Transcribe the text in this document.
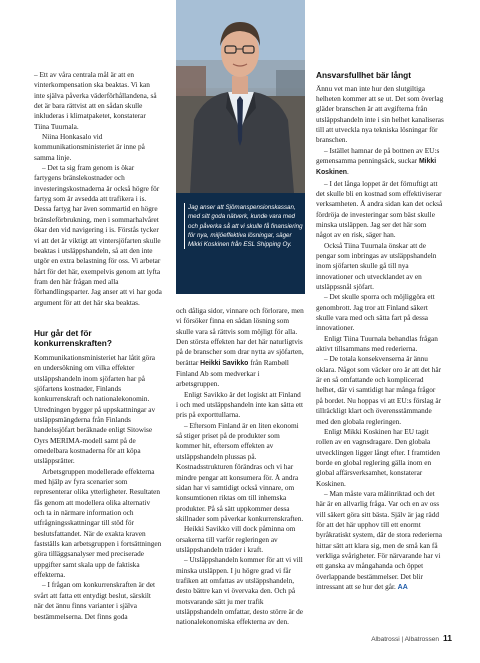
Jag anser att Sjömanspensionskassan, med sitt goda nätverk, kunde vara med och påverka så att vi skulle få finansiering för nya, miljöeffektiva lösningar, säger Mikki Koskinen från ESL Shipping Oy.

– Ett av våra centrala mål är att en vinterkompensation ska beaktas. Vi kan inte själva påverka väderförhållandena, så det är bara rättvist att en sådan skulle inkluderas i klimatpaketet, konstaterar Tiina Tuurnala.

Niina Honkasalo vid kommunikationsministeriet är inne på samma linje.

– Det ta sig fram genom is ökar fartygens bränslekostnader och investeringskostnaderna är också högre för fartyg som är avsedda att trafikera i is. Dessa fartyg har även sommartid en högre bränsleförbrukning, men i sommarhalvåret ökar den vid navigering i is. Förstås tycker vi att det är viktigt att vintersjöfarten skulle beaktas i utsläppshandeln, så att den inte utgör en extra belastning för oss. Vi arbetar hårt för det här, exempelvis genom att lyfta fram den här frågan med alla förhandlingsparter. Jag anser att vi har goda argument för att det här ska beaktas.

Hur går det för konkurrenskraften?

Kommunikationsministeriet har låtit göra en undersökning om vilka effekter utsläppshandeln inom sjöfarten har på sjöfartens kostnader, Finlands konkurrenskraft och nationalekonomin. Utredningen bygger på uppskattningar av utsläppsmängderna från Finlands handelssjöfart beräknade enligt Sitowise Oyrs MERIMA-modell samt på de omedelbara kostnaderna för att köpa utsläppsrätter.

Arbetsgruppen modellerade effekterna med hjälp av fyra scenarier som representerar olika ytterligheter. Resultaten fås genom att modellera olika alternativ och ta in närmare information och utfrågningsskattningar till stöd för beslutsfattandet. När de exakta kraven fastställs kan arbetsgruppen i fortsättningen göra tilläggsanalyser med preciserade uppgifter samt skala upp de faktiska effekterna.

– I frågan om konkurrenskraften är det svårt att fatta ett entydigt beslut, särskilt när det ännu finns varianter i själva bestämmelserna. Det finns goda

och dåliga sidor, vinnare och förlorare, men vi försöker finna en sådan lösning som skulle vara så rättvis som möjligt för alla. Den största effekten har det här naturligtvis på de branscher som drar nytta av sjöfarten, berättar Heikki Savikko från Rambøll Finland Ab som medverkar i arbetsgruppen.

Enligt Savikko är det logiskt att Finland i och med utsläppshandeln inte kan sätta ett pris på exporttullarna.

– Eftersom Finland är en liten ekonomi så stiger priset på de produkter som kommer hit, eftersom effekten av utsläppshandeln plussas på. Kostnadsstrukturen förändras och vi har mindre pengar att konsumera för. Å andra sidan har vi samtidigt också vinnare, om konsumtionen riktas om till inhemska produkter. På så sätt uppkommer dessa skillnader som påverkar konkurrenskraften.

Heikki Savikko vill dock påminna om orsakerna till varför regleringen av utsläppshandeln träder i kraft.

– Utsläppshandeln kommer för att vi vill minska utsläppen. I ju högre grad vi får trafiken att omfattas av utsläppshandeln, desto bättre kan vi övervaka den. Och på motsvarande sätt ju mer trafik utsläppshandeln omfattar, desto större är de nationalekonomiska effekterna av den.

Ansvarsfullhet bär långt

Ännu vet man inte hur den slutgiltiga helheten kommer att se ut. Det som överlag gläder branschen är att avgifterna från utsläppshandeln inte i sin helhet kanaliseras till att utveckla nya tekniska lösningar för branschen.

– Istället hamnar de på bottnen av EU:s gemensamma penningsäck, suckar Mikki Koskinen.

– I det långa loppet är det förnuftigt att det skulle bli en kostnad som effektiviserar verksamheten. Å andra sidan kan det också fördröja de investeringar som bäst skulle minska utsläppen. Jag ser det här som något av en risk, säger han.

Också Tiina Tuurnala önskar att de pengar som inbringas av utsläppshandeln inom sjöfarten skulle gå till nya innovationer och utvecklandet av en utsläppssnål sjöfart.

– Det skulle sporra och möjliggöra ett genombrott. Jag tror att Finland säkert skulle vara med och sätta fart på dessa innovationer.

Enligt Tiina Tuurnala behandlas frågan aktivt tillsammans med rederierna.

– De totala konsekvenserna är ännu oklara. Något som väcker oro är att det här är en så omfattande och komplicerad helhet, där vi samtidigt har många frågor på bordet. Nu hoppas vi att EU:s förslag är tillräckligt klart och överensstämmande med den globala regleringen.

Enligt Mikki Koskinen har EU tagit rollen av en vagnsdragare. Den globala utvecklingen ligger långt efter. I framtiden borde en global reglering gälla inom en global affärsverksamhet, konstaterar Koskinen.

– Man måste vara målinriktad och det här är en allvarlig fråga. Var och en av oss vill säkert göra sitt bästa. Själv är jag rädd för att det här upphov till ett enormt byråkratiskt system, där de stora rederierna hittar sätt att klara sig, men de små kan få verkliga svårigheter. För närvarande har vi ett ganska av mångahanda och öppet överlappande bestämmelser. Det blir intressant att se hur det går. AA

Albatrossi | Albatrossen 11
